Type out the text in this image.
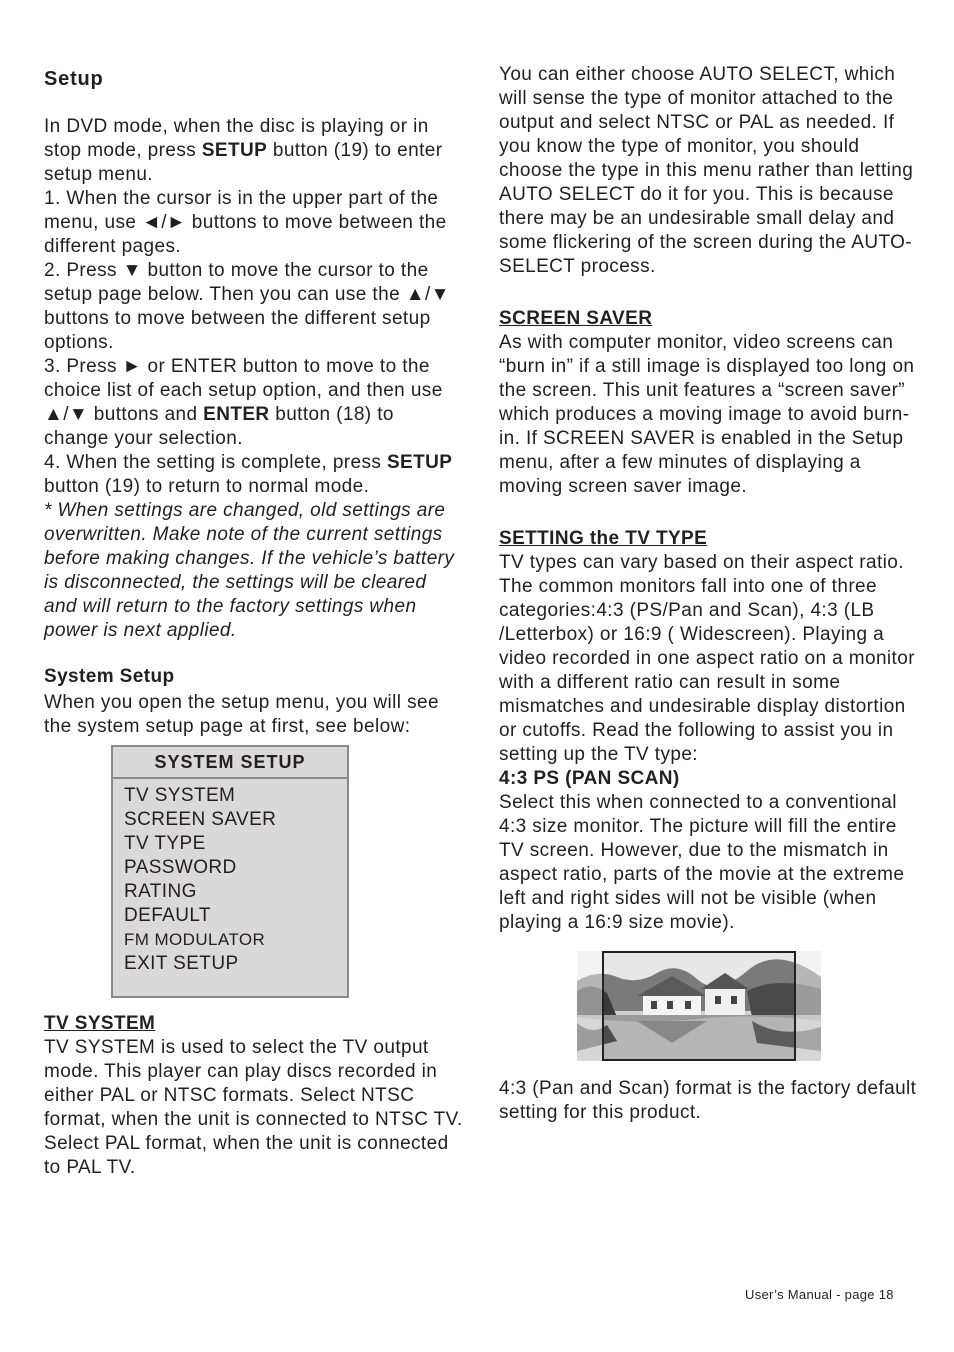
Setup

In DVD mode, when the disc is playing or in stop mode, press SETUP button (19) to enter setup menu.

1. When the cursor is in the upper part of the menu, use ◄/► buttons to move between the different pages.

2. Press ▼ button to move the cursor to the setup page below. Then you can use the ▲/▼ buttons to move between the different setup options.

3. Press ► or ENTER button to move to the choice list of each setup option, and then use ▲/▼ buttons and ENTER button (18) to change your selection.

4. When the setting is complete, press SETUP button (19) to return to normal mode.

* When settings are changed, old settings are overwritten. Make note of the current settings before making changes. If the vehicle’s battery is disconnected, the settings will be cleared and will return to the factory settings when power is next applied.

System Setup

When you open the setup menu, you will see the system setup page at first, see below:

SYSTEM SETUP
TV SYSTEM
SCREEN SAVER
TV TYPE
PASSWORD
RATING
DEFAULT
FM MODULATOR
EXIT SETUP

TV SYSTEM

TV SYSTEM is used to select the TV output mode. This player can play discs recorded in either PAL or NTSC formats. Select NTSC format, when the unit is connected to NTSC TV.

Select PAL format, when the unit is connected to PAL TV.

You can either choose AUTO SELECT, which will sense the type of monitor attached to the output and select NTSC or PAL as needed. If you know the type of monitor, you should choose the type in this menu rather than letting AUTO SELECT do it for you. This is because there may be an undesirable small delay and some flickering of the screen during the AUTO-SELECT process.

SCREEN SAVER

As with computer monitor, video screens can “burn in” if a still image is displayed too long on the screen. This unit features a “screen saver” which produces a moving image to avoid burn-in. If SCREEN SAVER is enabled in the Setup menu, after a few minutes of displaying a moving screen saver image.

SETTING the TV TYPE

TV types can vary based on their aspect ratio. The common monitors fall into one of three categories:4:3 (PS/Pan and Scan), 4:3 (LB /Letterbox) or 16:9 ( Widescreen). Playing a video recorded in one aspect ratio on a monitor with a different ratio can result in some mismatches and undesirable display distortion or cutoffs. Read the following to assist you in setting up the TV type:

4:3 PS (PAN SCAN)

Select this when connected to a conventional 4:3 size monitor. The picture will fill the entire TV screen. However, due to the mismatch in aspect ratio, parts of the movie at the extreme left and right sides will not be visible (when playing a 16:9 size movie).

4:3 (Pan and Scan) format is the factory default setting for this product.

User’s Manual - page 18
